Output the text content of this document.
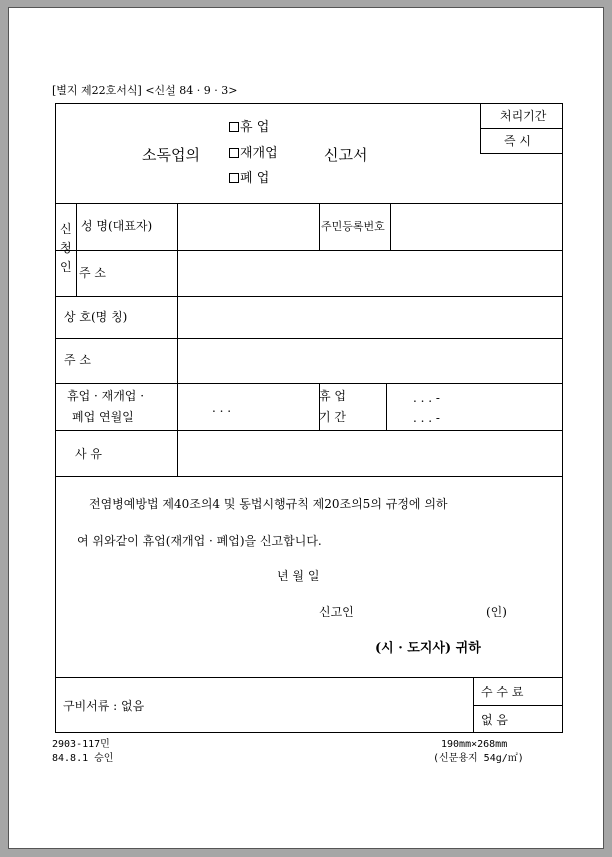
[별지 제22호서식] <신설 84 · 9 · 3>
소독업의
휴 업
재개업
폐 업
신고서
처리기간
즉 시
신
청
인
성 명(대표자)	주민등록번호
주 소
상 호(명 칭)
주 소
휴업 · 재개업 ·
폐업 연월일
. . .
휴 업
기 간
. . . -
. . . -
사 유
전염병예방법 제40조의4 및 동법시행규칙 제20조의5의 규정에 의하
여 위와같이 휴업(재개업 · 폐업)을 신고합니다.
년 월 일
신고인	(인)
(시 · 도지사) 귀하
구비서류 : 없음
수 수 료
없 음
2903-117민
84.8.1 승인
190mm×268mm
(신문용지 54g/㎡)
